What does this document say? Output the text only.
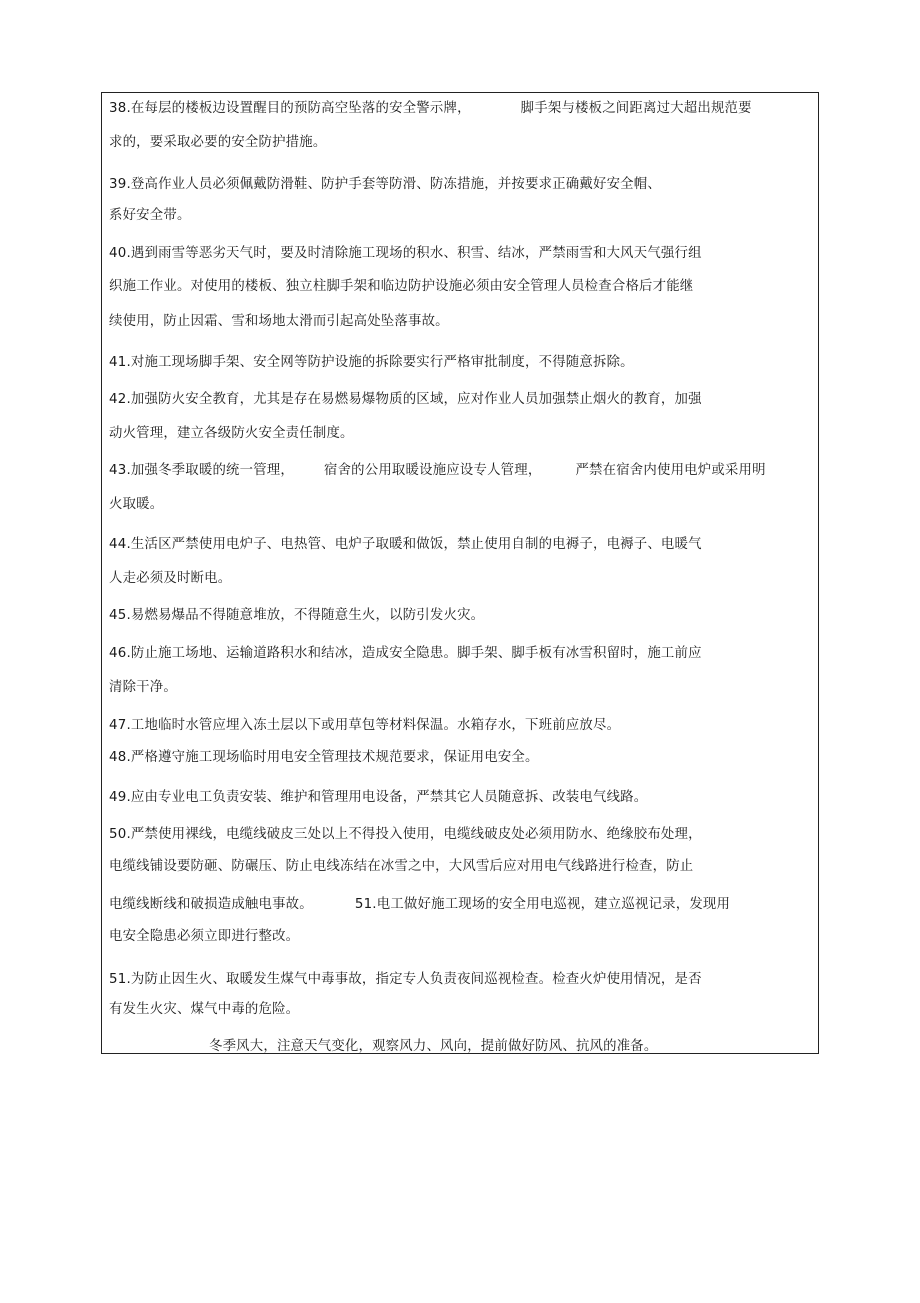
38.在每层的楼板边设置醒目的预防高空坠落的安全警示牌，	脚手架与楼板之间距离过大超出规范要
求的，要采取必要的安全防护措施。
39.登高作业人员必须佩戴防滑鞋、防护手套等防滑、防冻措施，并按要求正确戴好安全帽、
系好安全带。
40.遇到雨雪等恶劣天气时，要及时清除施工现场的积水、积雪、结冰，严禁雨雪和大风天气强行组
织施工作业。对使用的楼板、独立柱脚手架和临边防护设施必须由安全管理人员检查合格后才能继
续使用，防止因霜、雪和场地太滑而引起高处坠落事故。
41.对施工现场脚手架、安全网等防护设施的拆除要实行严格审批制度，不得随意拆除。
42.加强防火安全教育，尤其是存在易燃易爆物质的区域，应对作业人员加强禁止烟火的教育，加强
动火管理，建立各级防火安全责任制度。
43.加强冬季取暖的统一管理， 宿舍的公用取暖设施应设专人管理，	严禁在宿舍内使用电炉或采用明
火取暖。
44.生活区严禁使用电炉子、电热管、电炉子取暖和做饭，禁止使用自制的电褥子，电褥子、电暖气
人走必须及时断电。
45.易燃易爆品不得随意堆放，不得随意生火，以防引发火灾。
46.防止施工场地、运输道路积水和结冰，造成安全隐患。脚手架、脚手板有冰雪积留时，施工前应
清除干净。
47.工地临时水管应埋入冻土层以下或用草包等材料保温。水箱存水，下班前应放尽。
48.严格遵守施工现场临时用电安全管理技术规范要求，保证用电安全。
49.应由专业电工负责安装、维护和管理用电设备，严禁其它人员随意拆、改装电气线路。
50.严禁使用裸线，电缆线破皮三处以上不得投入使用，电缆线破皮处必须用防水、绝缘胶布处理，
电缆线铺设要防砸、防碾压、防止电线冻结在冰雪之中，大风雪后应对用电气线路进行检查，防止
电缆线断线和破损造成触电事故。	51.电工做好施工现场的安全用电巡视，建立巡视记录，发现用
电安全隐患必须立即进行整改。
51.为防止因生火、取暖发生煤气中毒事故，指定专人负责夜间巡视检查。检查火炉使用情况，是否
有发生火灾、煤气中毒的危险。
冬季风大，注意天气变化，观察风力、风向，提前做好防风、抗风的准备。
